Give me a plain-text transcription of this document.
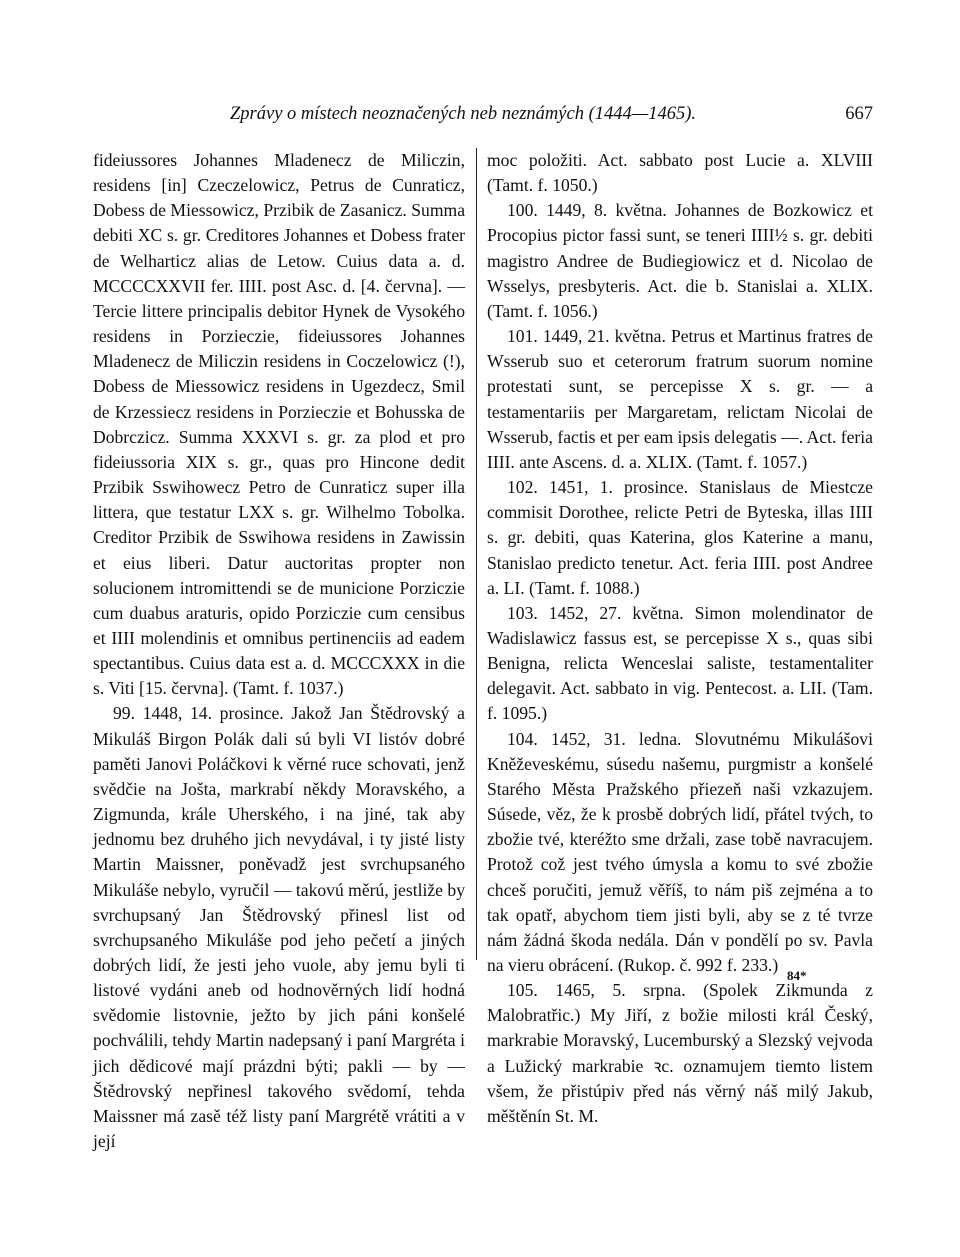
Zprávy o místech neoznačených neb neznámých (1444—1465).	667

fideiussores Johannes Mladenecz de Miliczin, residens [in] Czeczelowicz, Petrus de Cunraticz, Dobess de Miessowicz, Przibik de Zasanicz. Summa debiti XC s. gr. Creditores Johannes et Dobess frater de Welharticz alias de Letow. Cuius data a. d. MCCCCXXVII fer. IIII. post Asc. d. [4. června]. — Tercie littere principalis debitor Hynek de Vysokého residens in Porzieczie, fideiussores Johannes Mladenecz de Miliczin residens in Coczelowicz (!), Dobess de Miessowicz residens in Ugezdecz, Smil de Krzessiecz residens in Porzieczie et Bohusska de Dobrczicz. Summa XXXVI s. gr. za plod et pro fideiussoria XIX s. gr., quas pro Hincone dedit Przibik Sswihowecz Petro de Cunraticz super illa littera, que testatur LXX s. gr. Wilhelmo Tobolka. Creditor Przibik de Sswihowa residens in Zawissin et eius liberi. Datur auctoritas propter non solucionem intromittendi se de municione Porziczie cum duabus araturis, opido Porziczie cum censibus et IIII molendinis et omnibus pertinenciis ad eadem spectantibus. Cuius data est a. d. MCCCXXX in die s. Viti [15. června]. (Tamt. f. 1037.)

99. 1448, 14. prosince. Jakož Jan Štědrovský a Mikuláš Birgon Polák dali sú byli VI listóv dobré paměti Janovi Poláčkovi k věrné ruce schovati, jenž svědčie na Jošta, markrabí někdy Moravského, a Zigmunda, krále Uherského, i na jiné, tak aby jednomu bez druhého jich nevydával, i ty jisté listy Martin Maissner, poněvadž jest svrchupsaného Mikuláše nebylo, vyručil — takovú měrú, jestliže by svrchupsaný Jan Štědrovský přinesl list od svrchupsaného Mikuláše pod jeho pečetí a jiných dobrých lidí, že jesti jeho vuole, aby jemu byli ti listové vydáni aneb od hodnověrných lidí hodná svědomie listovnie, ježto by jich páni konšelé pochválili, tehdy Martin nadepsaný i paní Margréta i jich dědicové mají prázdni býti; pakli — by — Štědrovský nepřinesl takového svědomí, tehda Maissner má zasě též listy paní Margrétě vrátiti a v její

moc položiti. Act. sabbato post Lucie a. XLVIII (Tamt. f. 1050.)

100. 1449, 8. května. Johannes de Bozkowicz et Procopius pictor fassi sunt, se teneri IIII½ s. gr. debiti magistro Andree de Budiegiowicz et d. Nicolao de Wsselys, presbyteris. Act. die b. Stanislai a. XLIX. (Tamt. f. 1056.)

101. 1449, 21. května. Petrus et Martinus fratres de Wsserub suo et ceterorum fratrum suorum nomine protestati sunt, se percepisse X s. gr. — a testamentariis per Margaretam, relictam Nicolai de Wsserub, factis et per eam ipsis delegatis —. Act. feria IIII. ante Ascens. d. a. XLIX. (Tamt. f. 1057.)

102. 1451, 1. prosince. Stanislaus de Miestcze commisit Dorothee, relicte Petri de Byteska, illas IIII s. gr. debiti, quas Katerina, glos Katerine a manu, Stanislao predicto tenetur. Act. feria IIII. post Andree a. LI. (Tamt. f. 1088.)

103. 1452, 27. května. Simon molendinator de Wadislawicz fassus est, se percepisse X s., quas sibi Benigna, relicta Wenceslai saliste, testamentaliter delegavit. Act. sabbato in vig. Pentecost. a. LII. (Tam. f. 1095.)

104. 1452, 31. ledna. Slovutnému Mikulášovi Kněževeskému, súsedu našemu, purgmistr a konšelé Starého Města Pražského přiezeň naši vzkazujem. Súsede, věz, že k prosbě dobrých lidí, přátel tvých, to zbožie tvé, kteréžto sme držali, zase tobě navracujem. Protož což jest tvého úmysla a komu to své zbožie chceš poručiti, jemuž věříš, to nám piš zejména a to tak opatř, abychom tiem jisti byli, aby se z té tvrze nám žádná škoda nedála. Dán v pondělí po sv. Pavla na vieru obrácení. (Rukop. č. 992 f. 233.)

105. 1465, 5. srpna. (Spolek Zikmunda z Malobratřic.) My Jiří, z božie milosti král Český, markrabie Moravský, Lucemburský a Slezský vejvoda a Lužický markrabie ꝛc. oznamujem tiemto listem všem, že přistúpiv před nás věrný náš milý Jakub, měštěnín St. M.

84*
